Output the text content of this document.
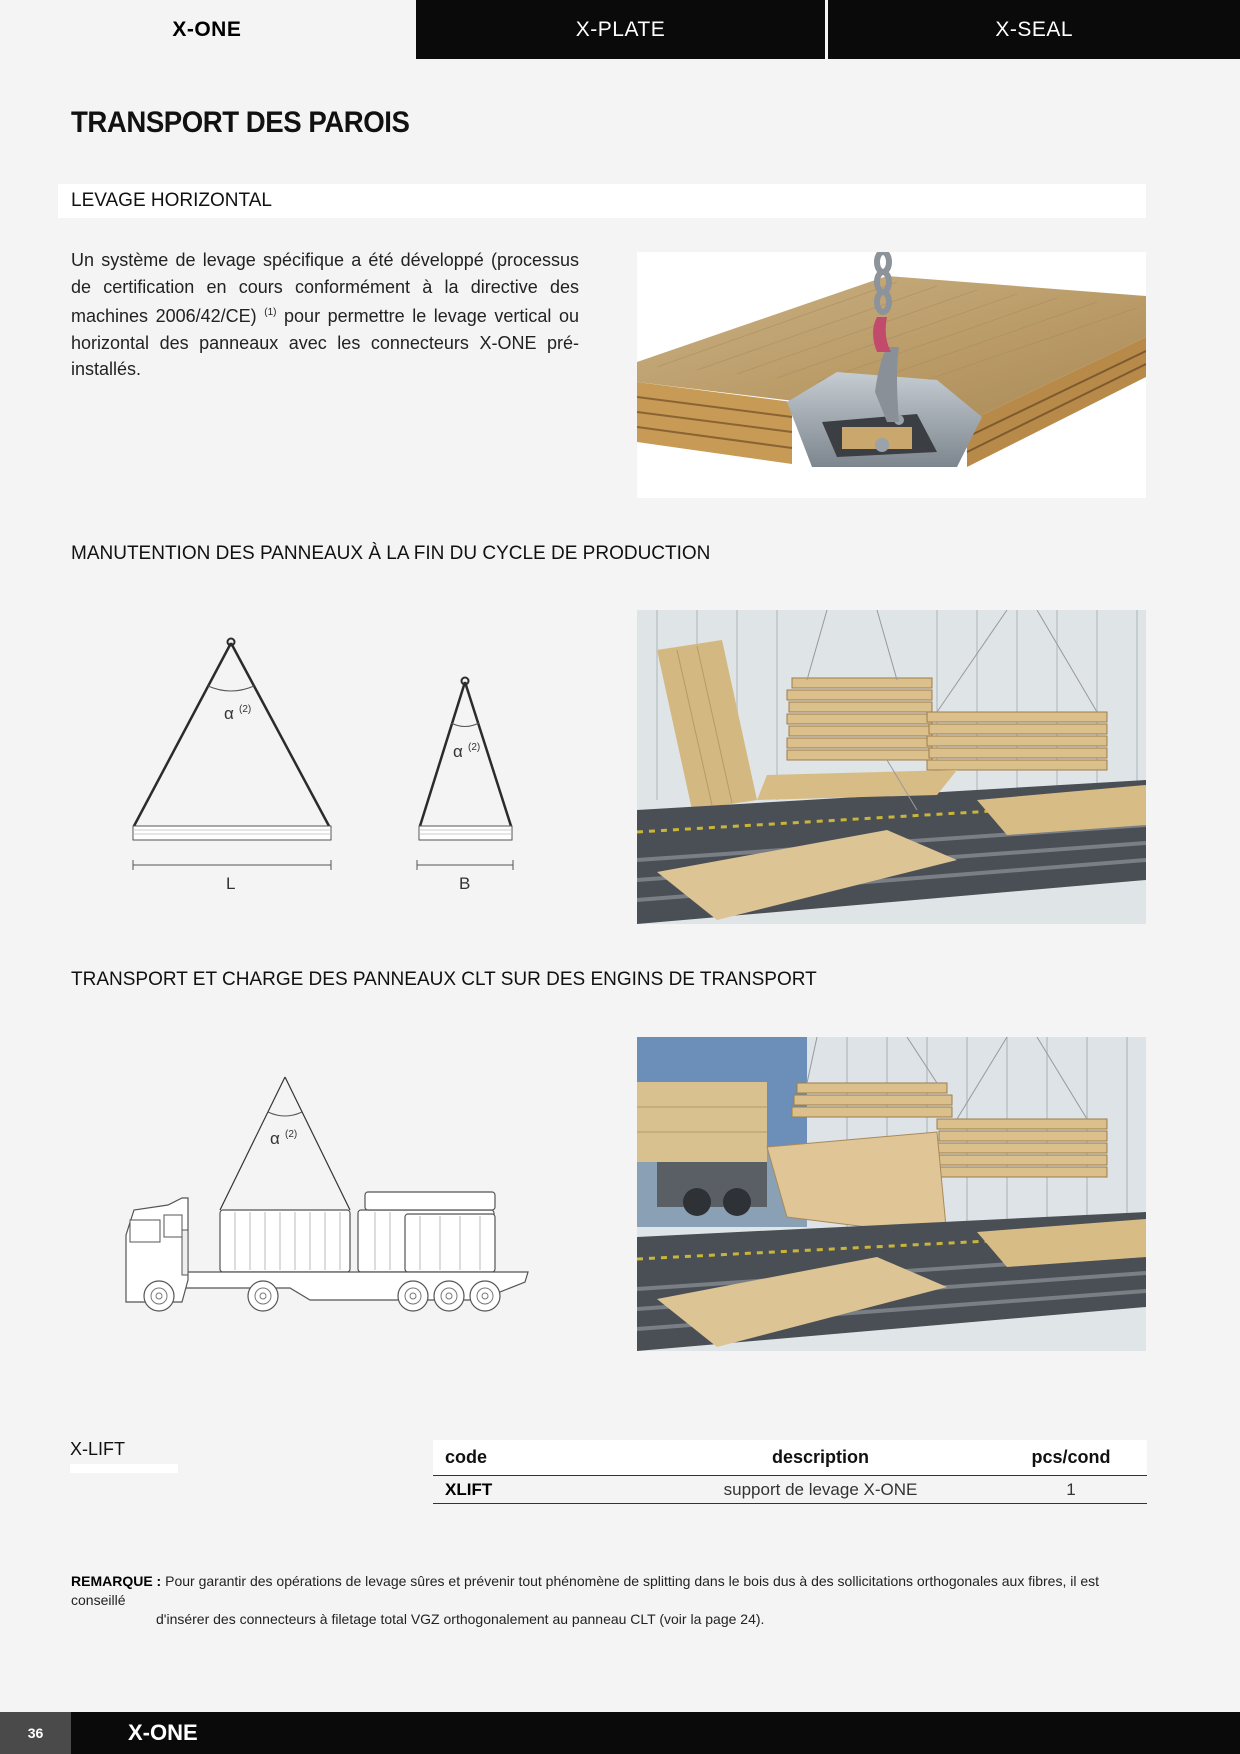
X-ONE	X-PLATE	X-SEAL
TRANSPORT DES PAROIS
LEVAGE HORIZONTAL

Un système de levage spécifique a été développé (processus de certification en cours conformément à la directive des machines 2006/42/CE) $^{(1)}$ pour permettre le levage vertical ou horizontal des panneaux avec les connecteurs X-ONE pré-installés.

MANUTENTION DES PANNEAUX À LA FIN DU CYCLE DE PRODUCTION
α (2)
α (2)
L	B
TRANSPORT ET CHARGE DES PANNEAUX CLT SUR DES ENGINS DE TRANSPORT
α (2)
X-LIFT	code	description	pcs/cond
XLIFT	support de levage X-ONE	1
REMARQUE : Pour garantir des opérations de levage sûres et prévenir tout phénomène de splitting dans le bois dus à des sollicitations orthogonales aux fibres, il est conseillé
d'insérer des connecteurs à filetage total VGZ orthogonalement au panneau CLT (voir la page 24).
36	X-ONE
